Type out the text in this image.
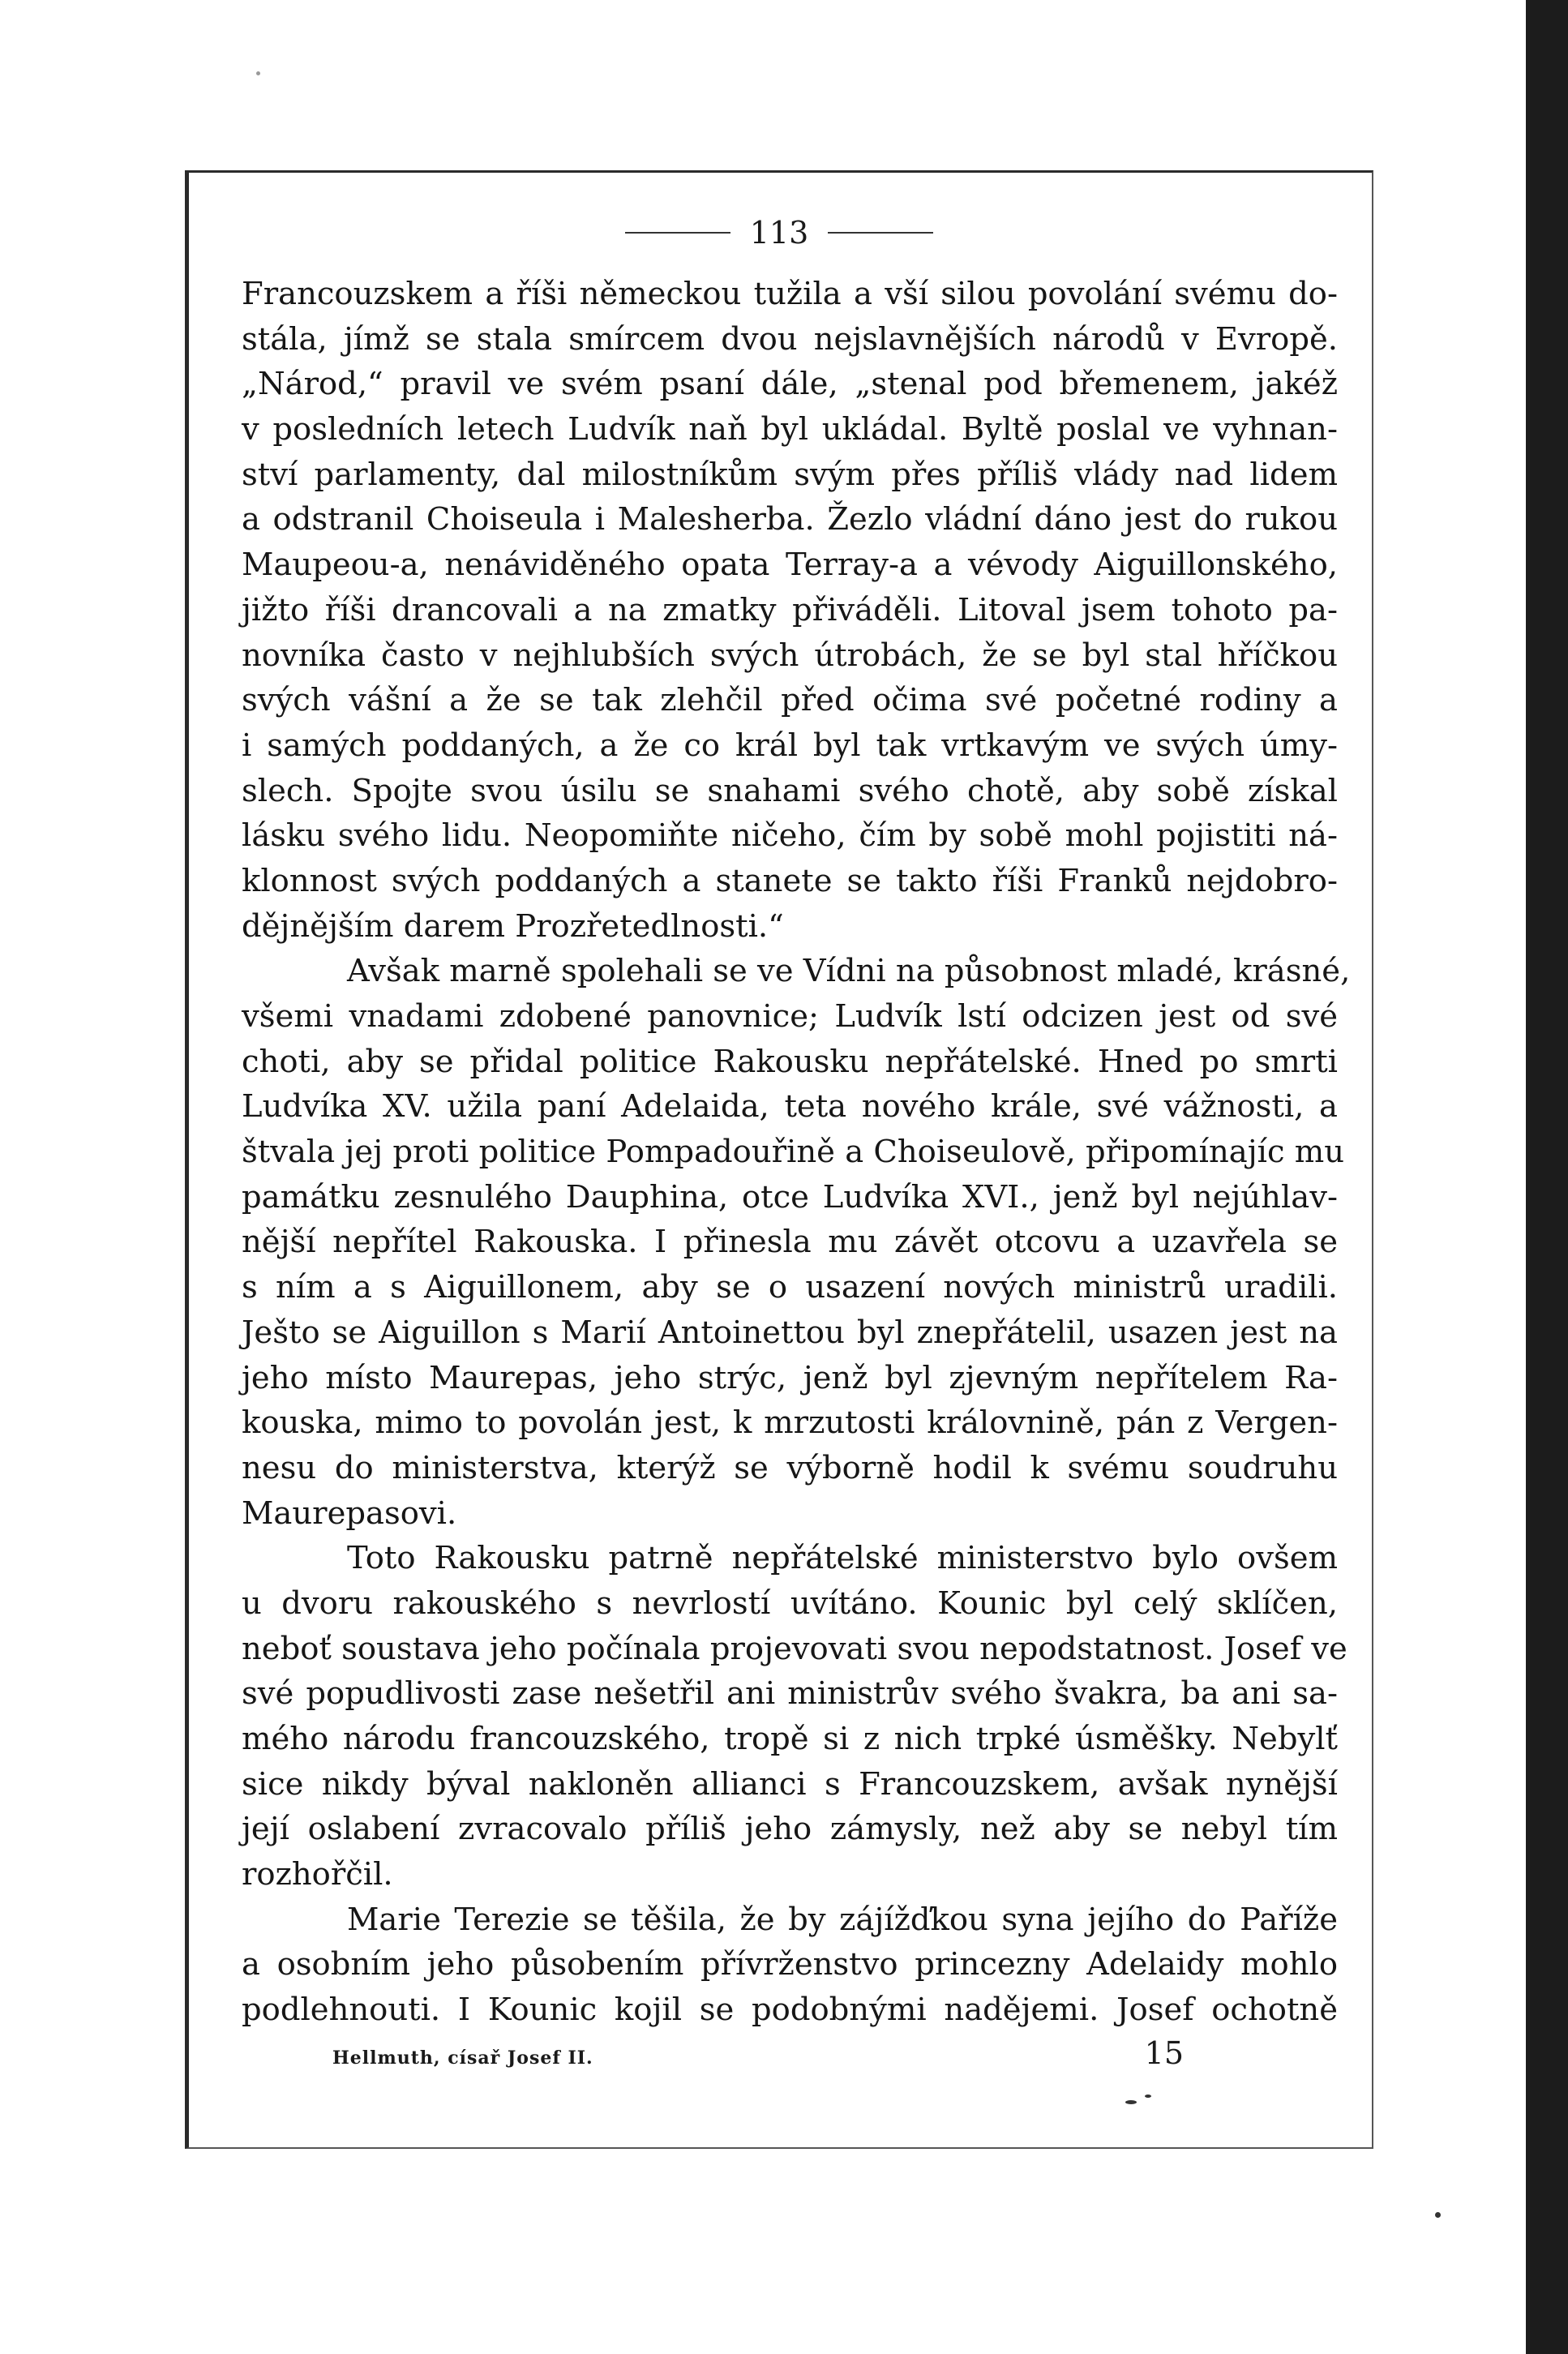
113
Francouzskem a říši německou tužila a vší silou povolání svému do-
stála, jímž se stala smírcem dvou nejslavnějších národů v Evropě.
„Národ,“ pravil ve svém psaní dále, „stenal pod břemenem, jakéž
v posledních letech Ludvík naň byl ukládal. Byltě poslal ve vyhnan-
ství parlamenty, dal milostníkům svým přes příliš vlády nad lidem
a odstranil Choiseula i Malesherba. Žezlo vládní dáno jest do rukou
Maupeou-a, nenáviděného opata Terray-a a vévody Aiguillonského,
jižto říši drancovali a na zmatky přiváděli. Litoval jsem tohoto pa-
novníka často v nejhlubších svých útrobách, že se byl stal hříčkou
svých vášní a že se tak zlehčil před očima své početné rodiny a
i samých poddaných, a že co král byl tak vrtkavým ve svých úmy-
slech. Spojte svou úsilu se snahami svého chotě, aby sobě získal
lásku svého lidu. Neopomiňte ničeho, čím by sobě mohl pojistiti ná-
klonnost svých poddaných a stanete se takto říši Franků nejdobro-
dějnějším darem Prozřetedlnosti.“
Avšak marně spolehali se ve Vídni na působnost mladé, krásné,
všemi vnadami zdobené panovnice; Ludvík lstí odcizen jest od své
choti, aby se přidal politice Rakousku nepřátelské. Hned po smrti
Ludvíka XV. užila paní Adelaida, teta nového krále, své vážnosti, a
štvala jej proti politice Pompadouřině a Choiseulově, připomínajíc mu
památku zesnulého Dauphina, otce Ludvíka XVI., jenž byl nejúhlav-
nější nepřítel Rakouska. I přinesla mu závět otcovu a uzavřela se
s ním a s Aiguillonem, aby se o usazení nových ministrů uradili.
Ješto se Aiguillon s Marií Antoinettou byl znepřátelil, usazen jest na
jeho místo Maurepas, jeho strýc, jenž byl zjevným nepřítelem Ra-
kouska, mimo to povolán jest, k mrzutosti královnině, pán z Vergen-
nesu do ministerstva, kterýž se výborně hodil k svému soudruhu
Maurepasovi.
Toto Rakousku patrně nepřátelské ministerstvo bylo ovšem
u dvoru rakouského s nevrlostí uvítáno. Kounic byl celý sklíčen,
neboť soustava jeho počínala projevovati svou nepodstatnost. Josef ve
své popudlivosti zase nešetřil ani ministrův svého švakra, ba ani sa-
mého národu francouzského, tropě si z nich trpké úsměšky. Nebylť
sice nikdy býval nakloněn allianci s Francouzskem, avšak nynější
její oslabení zvracovalo příliš jeho zámysly, než aby se nebyl tím
rozhořčil.
Marie Terezie se těšila, že by zájížďkou syna jejího do Paříže
a osobním jeho působením přívrženstvo princezny Adelaidy mohlo
podlehnouti. I Kounic kojil se podobnými nadějemi. Josef ochotně
Hellmuth, císař Josef II.	15
